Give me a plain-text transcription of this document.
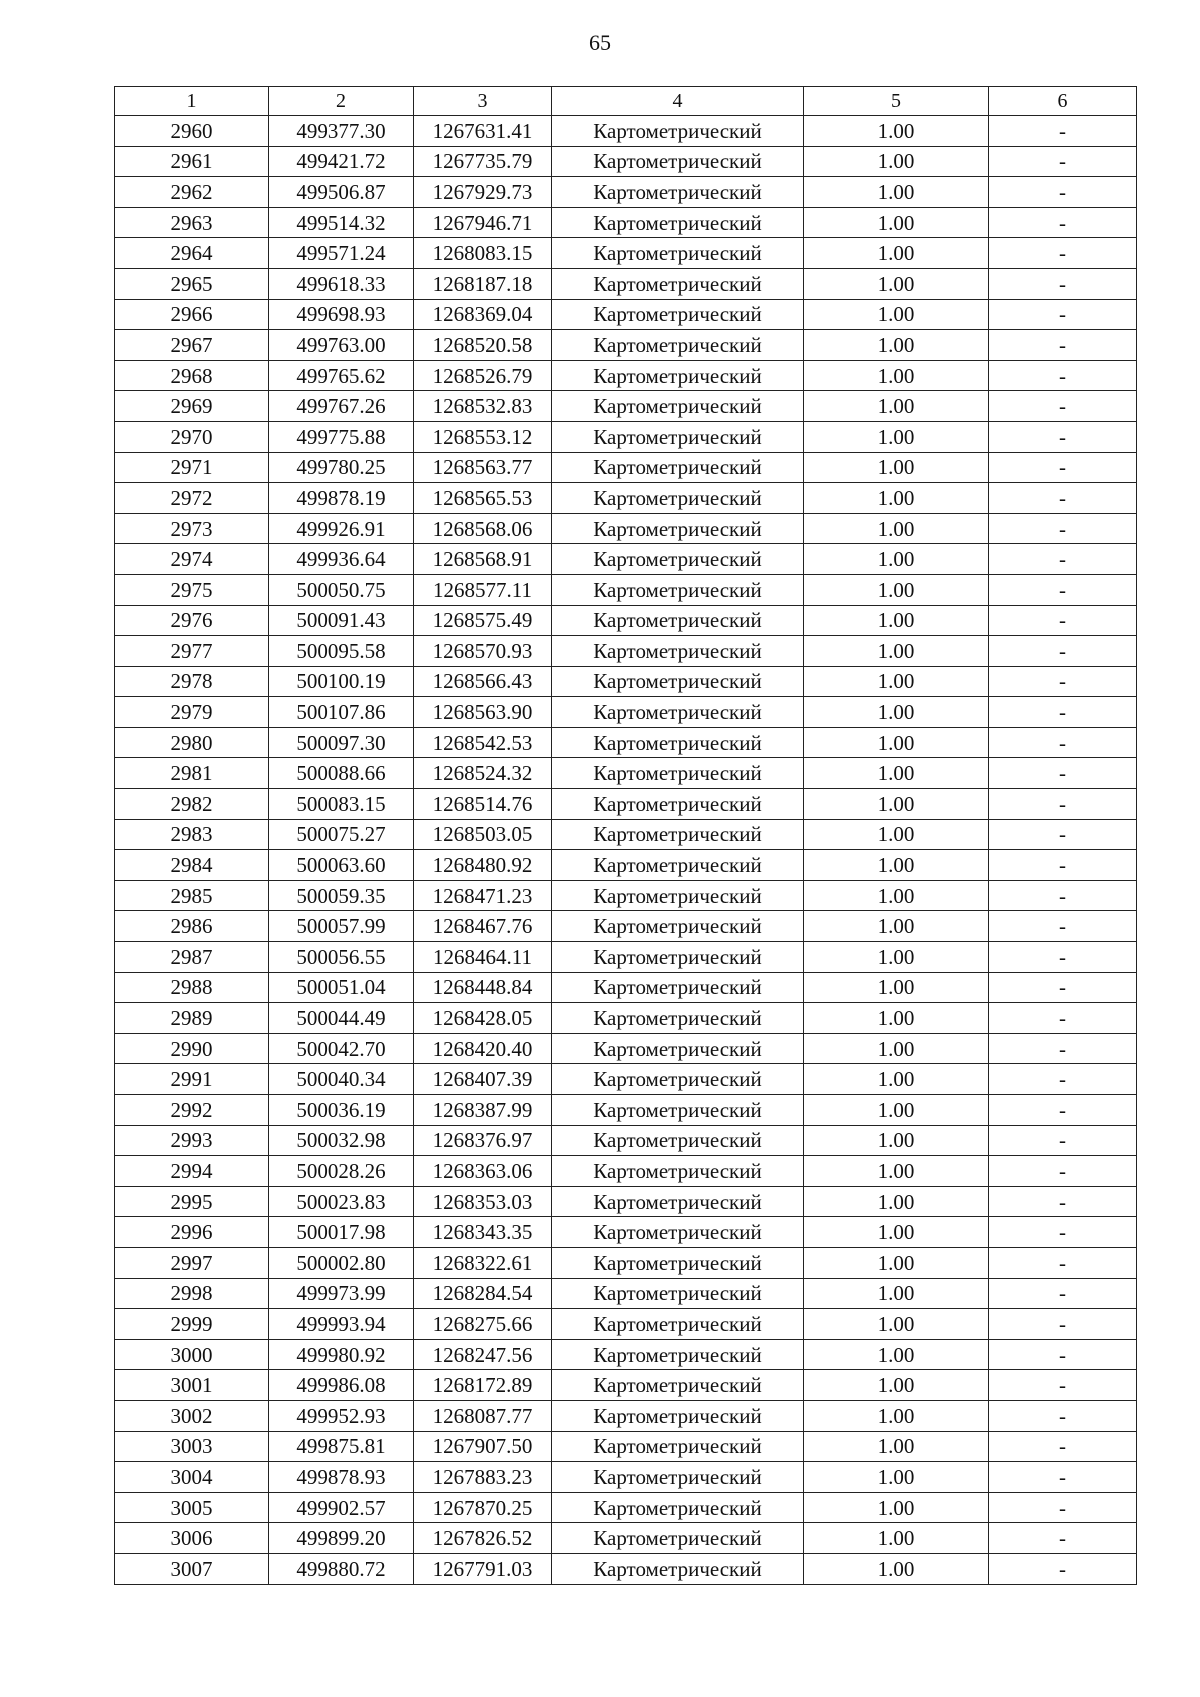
65
1	2	3	4	5	6
2960	499377.30	1267631.41	Картометрический	1.00	-
2961	499421.72	1267735.79	Картометрический	1.00	-
2962	499506.87	1267929.73	Картометрический	1.00	-
2963	499514.32	1267946.71	Картометрический	1.00	-
2964	499571.24	1268083.15	Картометрический	1.00	-
2965	499618.33	1268187.18	Картометрический	1.00	-
2966	499698.93	1268369.04	Картометрический	1.00	-
2967	499763.00	1268520.58	Картометрический	1.00	-
2968	499765.62	1268526.79	Картометрический	1.00	-
2969	499767.26	1268532.83	Картометрический	1.00	-
2970	499775.88	1268553.12	Картометрический	1.00	-
2971	499780.25	1268563.77	Картометрический	1.00	-
2972	499878.19	1268565.53	Картометрический	1.00	-
2973	499926.91	1268568.06	Картометрический	1.00	-
2974	499936.64	1268568.91	Картометрический	1.00	-
2975	500050.75	1268577.11	Картометрический	1.00	-
2976	500091.43	1268575.49	Картометрический	1.00	-
2977	500095.58	1268570.93	Картометрический	1.00	-
2978	500100.19	1268566.43	Картометрический	1.00	-
2979	500107.86	1268563.90	Картометрический	1.00	-
2980	500097.30	1268542.53	Картометрический	1.00	-
2981	500088.66	1268524.32	Картометрический	1.00	-
2982	500083.15	1268514.76	Картометрический	1.00	-
2983	500075.27	1268503.05	Картометрический	1.00	-
2984	500063.60	1268480.92	Картометрический	1.00	-
2985	500059.35	1268471.23	Картометрический	1.00	-
2986	500057.99	1268467.76	Картометрический	1.00	-
2987	500056.55	1268464.11	Картометрический	1.00	-
2988	500051.04	1268448.84	Картометрический	1.00	-
2989	500044.49	1268428.05	Картометрический	1.00	-
2990	500042.70	1268420.40	Картометрический	1.00	-
2991	500040.34	1268407.39	Картометрический	1.00	-
2992	500036.19	1268387.99	Картометрический	1.00	-
2993	500032.98	1268376.97	Картометрический	1.00	-
2994	500028.26	1268363.06	Картометрический	1.00	-
2995	500023.83	1268353.03	Картометрический	1.00	-
2996	500017.98	1268343.35	Картометрический	1.00	-
2997	500002.80	1268322.61	Картометрический	1.00	-
2998	499973.99	1268284.54	Картометрический	1.00	-
2999	499993.94	1268275.66	Картометрический	1.00	-
3000	499980.92	1268247.56	Картометрический	1.00	-
3001	499986.08	1268172.89	Картометрический	1.00	-
3002	499952.93	1268087.77	Картометрический	1.00	-
3003	499875.81	1267907.50	Картометрический	1.00	-
3004	499878.93	1267883.23	Картометрический	1.00	-
3005	499902.57	1267870.25	Картометрический	1.00	-
3006	499899.20	1267826.52	Картометрический	1.00	-
3007	499880.72	1267791.03	Картометрический	1.00	-
